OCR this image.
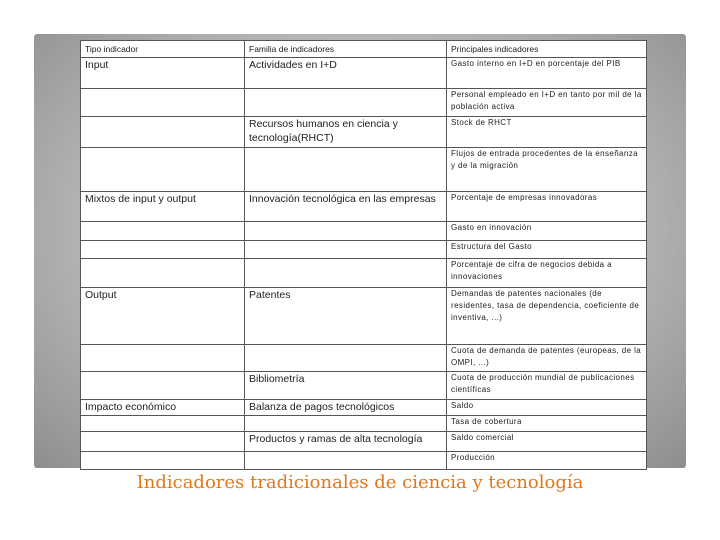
Tipo indicador	Familia de indicadores	Principales indicadores
Input	Actividades en I+D	Gasto interno en I+D en porcentaje del PIB
		Personal empleado en I+D en tanto por mil de la población activa
	Recursos humanos en ciencia y tecnología(RHCT)	Stock de RHCT
		Flujos de entrada procedentes de la enseñanza y de la migración
Mixtos de input y output	Innovación tecnológica en las empresas	Porcentaje de empresas innovadoras
		Gasto en innovación
		Estructura del Gasto
		Porcentaje de cifra de negocios debida a innovaciones
Output	Patentes	Demandas de patentes nacionales (de residentes, tasa de dependencia, coeficiente de inventiva, ...)
		Cuota de demanda de patentes (europeas, de la OMPI, ...)
	Bibliometría	Cuota de producción mundial de publicaciones científicas
Impacto económico	Balanza de pagos tecnológicos	Saldo
		Tasa de cobertura
	Productos y ramas de alta tecnología	Saldo comercial
		Producción
Indicadores tradicionales de ciencia y tecnología
